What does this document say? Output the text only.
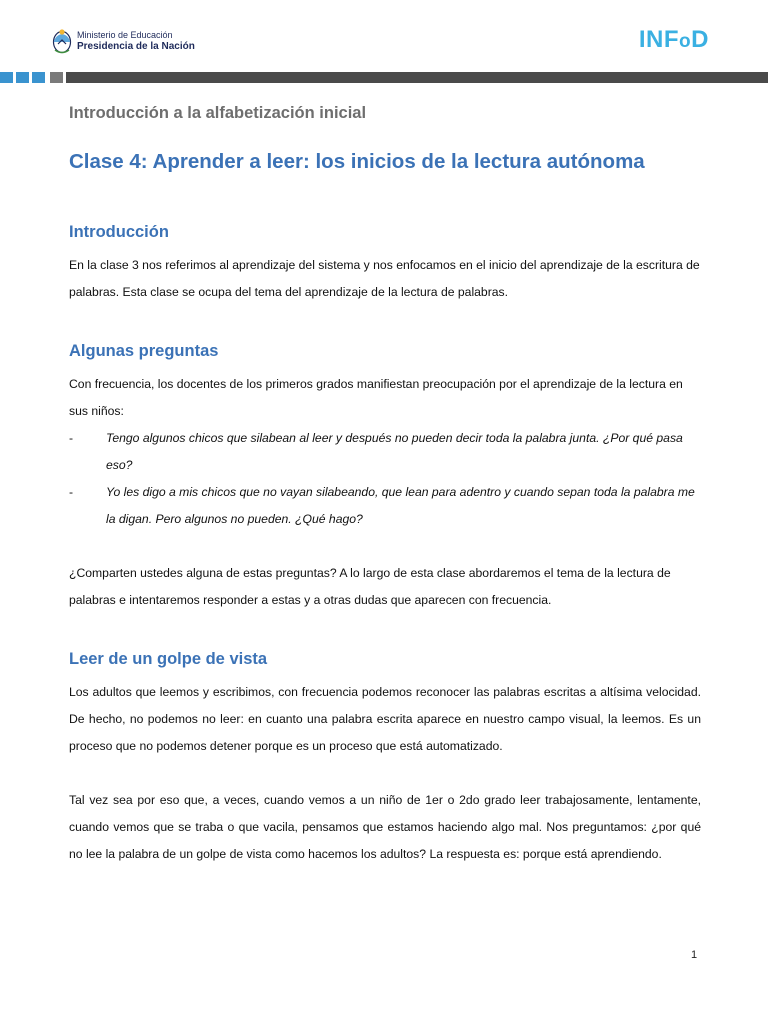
Ministerio de Educación
Presidencia de la Nación	INFoD
Introducción a la alfabetización inicial
Clase 4: Aprender a leer: los inicios de la lectura autónoma
Introducción

En la clase 3 nos referimos al aprendizaje del sistema y nos enfocamos en el inicio del aprendizaje de la escritura de palabras. Esta clase se ocupa del tema del aprendizaje de la lectura de palabras.

Algunas preguntas

Con frecuencia, los docentes de los primeros grados manifiestan preocupación por el aprendizaje de la lectura en sus niños:

-	Tengo algunos chicos que silabean al leer y después no pueden decir toda la palabra junta. ¿Por qué pasa eso?
-	Yo les digo a mis chicos que no vayan silabeando, que lean para adentro y cuando sepan toda la palabra me la digan. Pero algunos no pueden. ¿Qué hago?

¿Comparten ustedes alguna de estas preguntas? A lo largo de esta clase abordaremos el tema de la lectura de palabras e intentaremos responder a estas y a otras dudas que aparecen con frecuencia.

Leer de un golpe de vista

Los adultos que leemos y escribimos, con frecuencia podemos reconocer las palabras escritas a altísima velocidad. De hecho, no podemos no leer: en cuanto una palabra escrita aparece en nuestro campo visual, la leemos. Es un proceso que no podemos detener porque es un proceso que está automatizado.

Tal vez sea por eso que, a veces, cuando vemos a un niño de 1er o 2do grado leer trabajosamente, lentamente, cuando vemos que se traba o que vacila, pensamos que estamos haciendo algo mal. Nos preguntamos: ¿por qué no lee la palabra de un golpe de vista como hacemos los adultos? La respuesta es: porque está aprendiendo.

1
